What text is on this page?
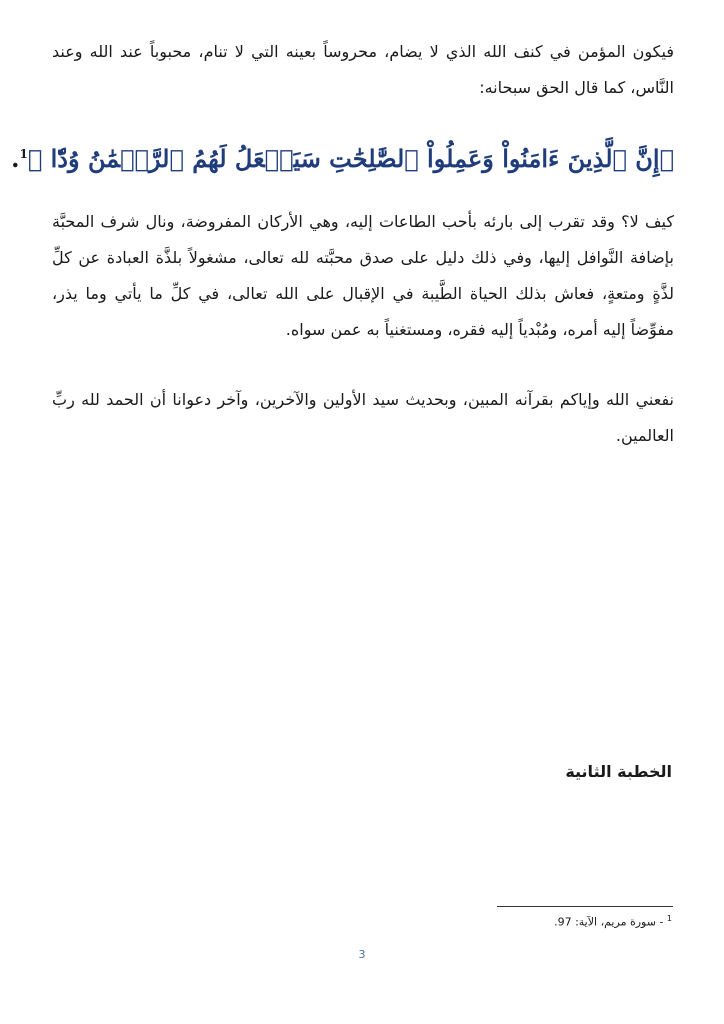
فيكون المؤمن في كنف الله الذي لا يضام، محروساً بعينه التي لا تنام، محبوباً عند الله وعند النَّاس، كما قال الحق سبحانه:

﴿إِنَّ ٱلَّذِينَ ءَامَنُواْ وَعَمِلُواْ ٱلصَّٰلِحَٰتِ سَيَجۡعَلُ لَهُمُ ٱلرَّحۡمَٰنُ وُدّٗا ﴾$^1$.

كيف لا؟ وقد تقرب إلى بارئه بأحب الطاعات إليه، وهي الأركان المفروضة، ونال شرف المحبَّة بإضافة النَّوافل إليها، وفي ذلك دليل على صدق محبَّته لله تعالى، مشغولاً بلذَّة العبادة عن كلِّ لذَّةٍ ومتعةٍ، فعاش بذلك الحياة الطَّيبة في الإقبال على الله تعالى، في كلِّ ما يأتي وما يذر، مفوِّضاً إليه أمره، ومُبْدياً إليه فقره، ومستغنياً به عمن سواه.

نفعني الله وإياكم بقرآنه المبين، وبحديث سيد الأولين والآخرين، وآخر دعوانا أن الحمد لله ربِّ العالمين.

الخطبة الثانية

$^1$ - سورة مريم، الآية: 97.

3
